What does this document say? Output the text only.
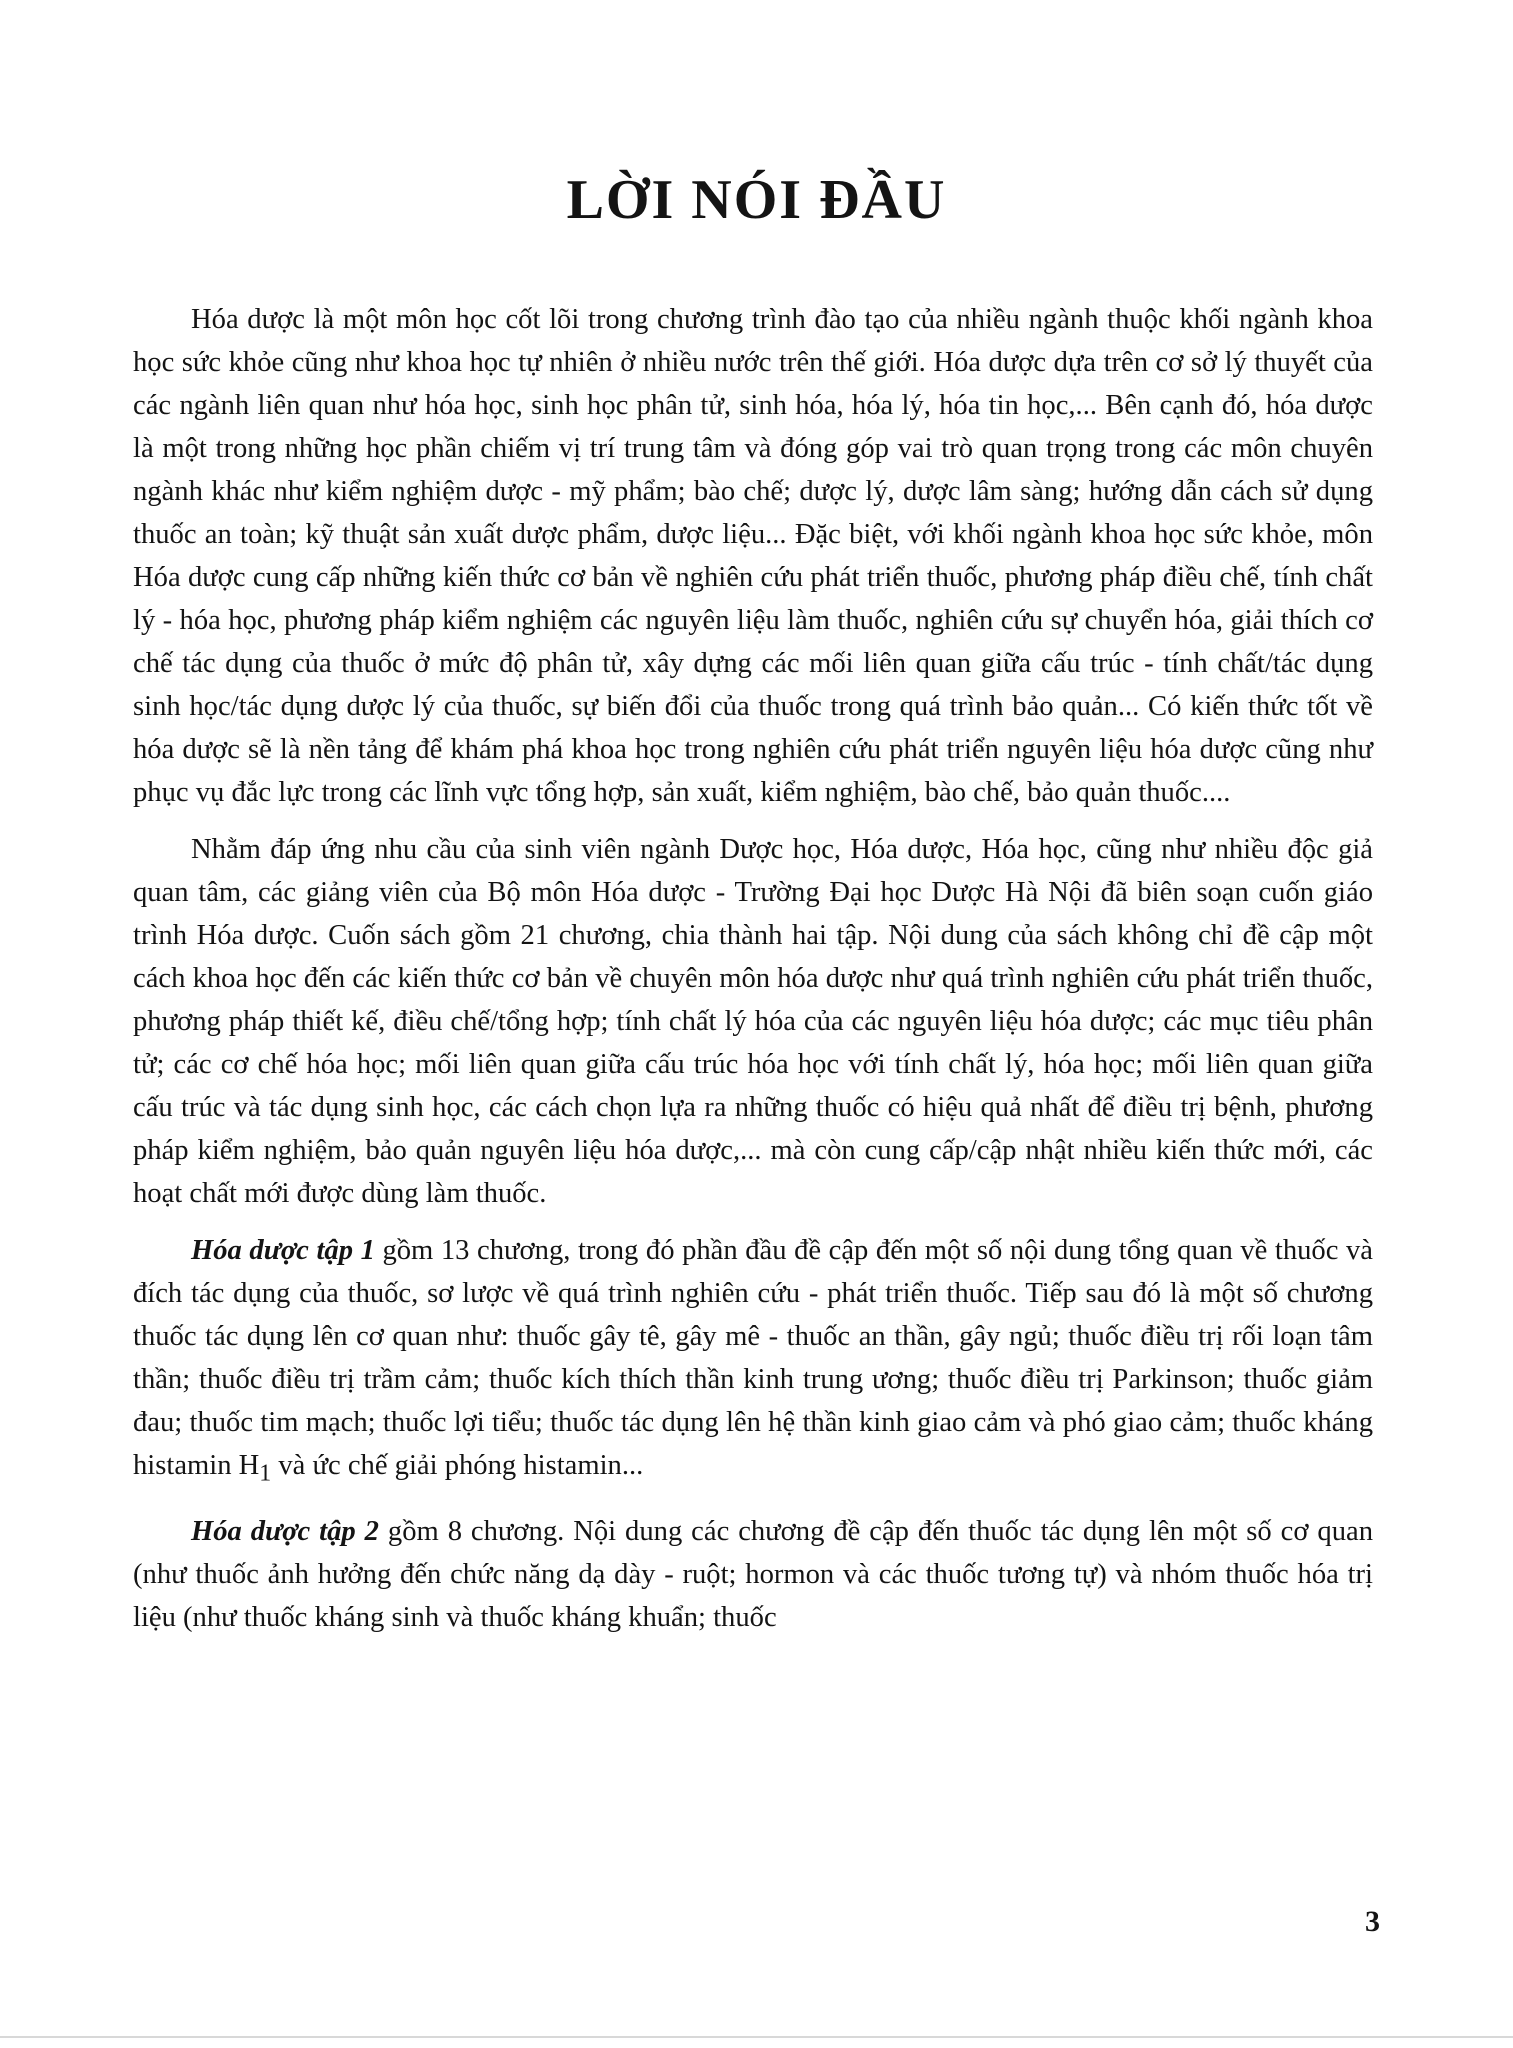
LỜI NÓI ĐẦU

Hóa dược là một môn học cốt lõi trong chương trình đào tạo của nhiều ngành thuộc khối ngành khoa học sức khỏe cũng như khoa học tự nhiên ở nhiều nước trên thế giới. Hóa dược dựa trên cơ sở lý thuyết của các ngành liên quan như hóa học, sinh học phân tử, sinh hóa, hóa lý, hóa tin học,... Bên cạnh đó, hóa dược là một trong những học phần chiếm vị trí trung tâm và đóng góp vai trò quan trọng trong các môn chuyên ngành khác như kiểm nghiệm dược - mỹ phẩm; bào chế; dược lý, dược lâm sàng; hướng dẫn cách sử dụng thuốc an toàn; kỹ thuật sản xuất dược phẩm, dược liệu... Đặc biệt, với khối ngành khoa học sức khỏe, môn Hóa dược cung cấp những kiến thức cơ bản về nghiên cứu phát triển thuốc, phương pháp điều chế, tính chất lý - hóa học, phương pháp kiểm nghiệm các nguyên liệu làm thuốc, nghiên cứu sự chuyển hóa, giải thích cơ chế tác dụng của thuốc ở mức độ phân tử, xây dựng các mối liên quan giữa cấu trúc - tính chất/tác dụng sinh học/tác dụng dược lý của thuốc, sự biến đổi của thuốc trong quá trình bảo quản... Có kiến thức tốt về hóa dược sẽ là nền tảng để khám phá khoa học trong nghiên cứu phát triển nguyên liệu hóa dược cũng như phục vụ đắc lực trong các lĩnh vực tổng hợp, sản xuất, kiểm nghiệm, bào chế, bảo quản thuốc....

Nhằm đáp ứng nhu cầu của sinh viên ngành Dược học, Hóa dược, Hóa học, cũng như nhiều độc giả quan tâm, các giảng viên của Bộ môn Hóa dược - Trường Đại học Dược Hà Nội đã biên soạn cuốn giáo trình Hóa dược. Cuốn sách gồm 21 chương, chia thành hai tập. Nội dung của sách không chỉ đề cập một cách khoa học đến các kiến thức cơ bản về chuyên môn hóa dược như quá trình nghiên cứu phát triển thuốc, phương pháp thiết kế, điều chế/tổng hợp; tính chất lý hóa của các nguyên liệu hóa dược; các mục tiêu phân tử; các cơ chế hóa học; mối liên quan giữa cấu trúc hóa học với tính chất lý, hóa học; mối liên quan giữa cấu trúc và tác dụng sinh học, các cách chọn lựa ra những thuốc có hiệu quả nhất để điều trị bệnh, phương pháp kiểm nghiệm, bảo quản nguyên liệu hóa dược,... mà còn cung cấp/cập nhật nhiều kiến thức mới, các hoạt chất mới được dùng làm thuốc.

Hóa dược tập 1 gồm 13 chương, trong đó phần đầu đề cập đến một số nội dung tổng quan về thuốc và đích tác dụng của thuốc, sơ lược về quá trình nghiên cứu - phát triển thuốc. Tiếp sau đó là một số chương thuốc tác dụng lên cơ quan như: thuốc gây tê, gây mê - thuốc an thần, gây ngủ; thuốc điều trị rối loạn tâm thần; thuốc điều trị trầm cảm; thuốc kích thích thần kinh trung ương; thuốc điều trị Parkinson; thuốc giảm đau; thuốc tim mạch; thuốc lợi tiểu; thuốc tác dụng lên hệ thần kinh giao cảm và phó giao cảm; thuốc kháng histamin $H_1$ và ức chế giải phóng histamin...

Hóa dược tập 2 gồm 8 chương. Nội dung các chương đề cập đến thuốc tác dụng lên một số cơ quan (như thuốc ảnh hưởng đến chức năng dạ dày - ruột; hormon và các thuốc tương tự) và nhóm thuốc hóa trị liệu (như thuốc kháng sinh và thuốc kháng khuẩn; thuốc

3
